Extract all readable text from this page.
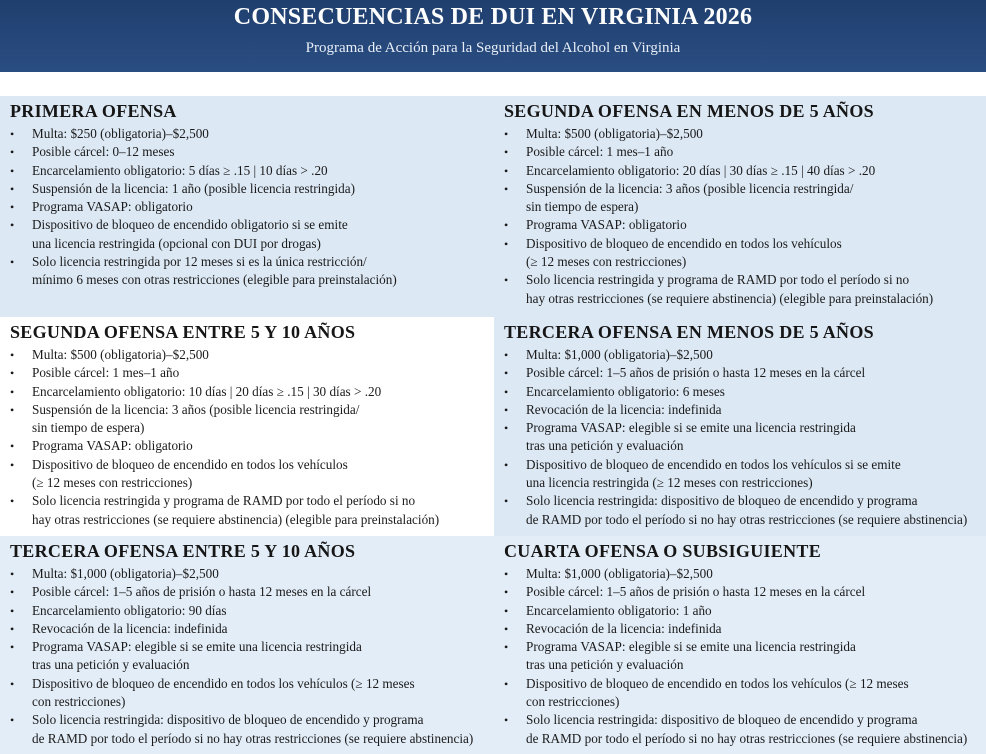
CONSECUENCIAS DE DUI EN VIRGINIA 2026
Programa de Acción para la Seguridad del Alcohol en Virginia
PRIMERA OFENSA
• Multa: $250 (obligatoria)–$2,500
• Posible cárcel: 0–12 meses
• Encarcelamiento obligatorio: 5 días ≥ .15 | 10 días > .20
• Suspensión de la licencia: 1 año (posible licencia restringida)
• Programa VASAP: obligatorio
• Dispositivo de bloqueo de encendido obligatorio si se emite
una licencia restringida (opcional con DUI por drogas)
• Solo licencia restringida por 12 meses si es la única restricción/
mínimo 6 meses con otras restricciones (elegible para preinstalación)
SEGUNDA OFENSA EN MENOS DE 5 AÑOS
• Multa: $500 (obligatoria)–$2,500
• Posible cárcel: 1 mes–1 año
• Encarcelamiento obligatorio: 20 días | 30 días ≥ .15 | 40 días > .20
• Suspensión de la licencia: 3 años (posible licencia restringida/
sin tiempo de espera)
• Programa VASAP: obligatorio
• Dispositivo de bloqueo de encendido en todos los vehículos
(≥ 12 meses con restricciones)
• Solo licencia restringida y programa de RAMD por todo el período si no
hay otras restricciones (se requiere abstinencia) (elegible para preinstalación)
SEGUNDA OFENSA ENTRE 5 Y 10 AÑOS
• Multa: $500 (obligatoria)–$2,500
• Posible cárcel: 1 mes–1 año
• Encarcelamiento obligatorio: 10 días | 20 días ≥ .15 | 30 días > .20
• Suspensión de la licencia: 3 años (posible licencia restringida/
sin tiempo de espera)
• Programa VASAP: obligatorio
• Dispositivo de bloqueo de encendido en todos los vehículos
(≥ 12 meses con restricciones)
• Solo licencia restringida y programa de RAMD por todo el período si no
hay otras restricciones (se requiere abstinencia) (elegible para preinstalación)
TERCERA OFENSA EN MENOS DE 5 AÑOS
• Multa: $1,000 (obligatoria)–$2,500
• Posible cárcel: 1–5 años de prisión o hasta 12 meses en la cárcel
• Encarcelamiento obligatorio: 6 meses
• Revocación de la licencia: indefinida
• Programa VASAP: elegible si se emite una licencia restringida
tras una petición y evaluación
• Dispositivo de bloqueo de encendido en todos los vehículos si se emite
una licencia restringida (≥ 12 meses con restricciones)
• Solo licencia restringida: dispositivo de bloqueo de encendido y programa
de RAMD por todo el período si no hay otras restricciones (se requiere abstinencia)
TERCERA OFENSA ENTRE 5 Y 10 AÑOS
• Multa: $1,000 (obligatoria)–$2,500
• Posible cárcel: 1–5 años de prisión o hasta 12 meses en la cárcel
• Encarcelamiento obligatorio: 90 días
• Revocación de la licencia: indefinida
• Programa VASAP: elegible si se emite una licencia restringida
tras una petición y evaluación
• Dispositivo de bloqueo de encendido en todos los vehículos (≥ 12 meses
con restricciones)
• Solo licencia restringida: dispositivo de bloqueo de encendido y programa
de RAMD por todo el período si no hay otras restricciones (se requiere abstinencia)
CUARTA OFENSA O SUBSIGUIENTE
• Multa: $1,000 (obligatoria)–$2,500
• Posible cárcel: 1–5 años de prisión o hasta 12 meses en la cárcel
• Encarcelamiento obligatorio: 1 año
• Revocación de la licencia: indefinida
• Programa VASAP: elegible si se emite una licencia restringida
tras una petición y evaluación
• Dispositivo de bloqueo de encendido en todos los vehículos (≥ 12 meses
con restricciones)
• Solo licencia restringida: dispositivo de bloqueo de encendido y programa
de RAMD por todo el período si no hay otras restricciones (se requiere abstinencia)
